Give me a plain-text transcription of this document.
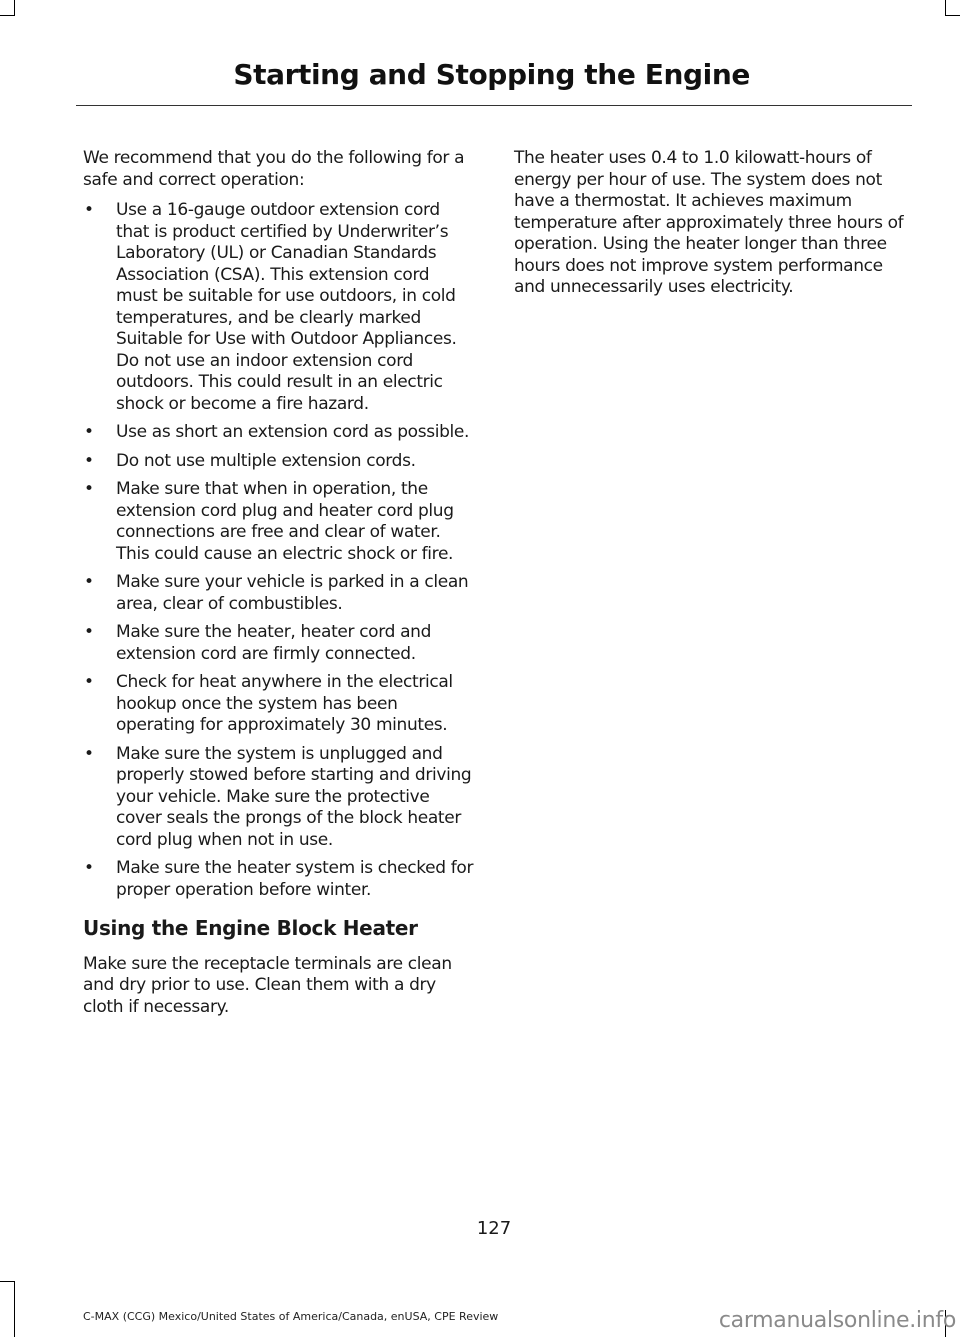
Starting and Stopping the Engine

We recommend that you do the following for a safe and correct operation:

• Use a 16-gauge outdoor extension cord that is product certified by Underwriter’s Laboratory (UL) or Canadian Standards Association (CSA). This extension cord must be suitable for use outdoors, in cold temperatures, and be clearly marked Suitable for Use with Outdoor Appliances. Do not use an indoor extension cord outdoors. This could result in an electric shock or become a fire hazard.
• Use as short an extension cord as possible.
• Do not use multiple extension cords.
• Make sure that when in operation, the extension cord plug and heater cord plug connections are free and clear of water. This could cause an electric shock or fire.
• Make sure your vehicle is parked in a clean area, clear of combustibles.
• Make sure the heater, heater cord and extension cord are firmly connected.
• Check for heat anywhere in the electrical hookup once the system has been operating for approximately 30 minutes.
• Make sure the system is unplugged and properly stowed before starting and driving your vehicle. Make sure the protective cover seals the prongs of the block heater cord plug when not in use.
• Make sure the heater system is checked for proper operation before winter.
Using the Engine Block Heater

Make sure the receptacle terminals are clean and dry prior to use. Clean them with a dry cloth if necessary.

The heater uses 0.4 to 1.0 kilowatt-hours of energy per hour of use. The system does not have a thermostat. It achieves maximum temperature after approximately three hours of operation. Using the heater longer than three hours does not improve system performance and unnecessarily uses electricity.

127
C-MAX (CCG) Mexico/United States of America/Canada, enUSA, CPE Review	carmanualsonline.info
